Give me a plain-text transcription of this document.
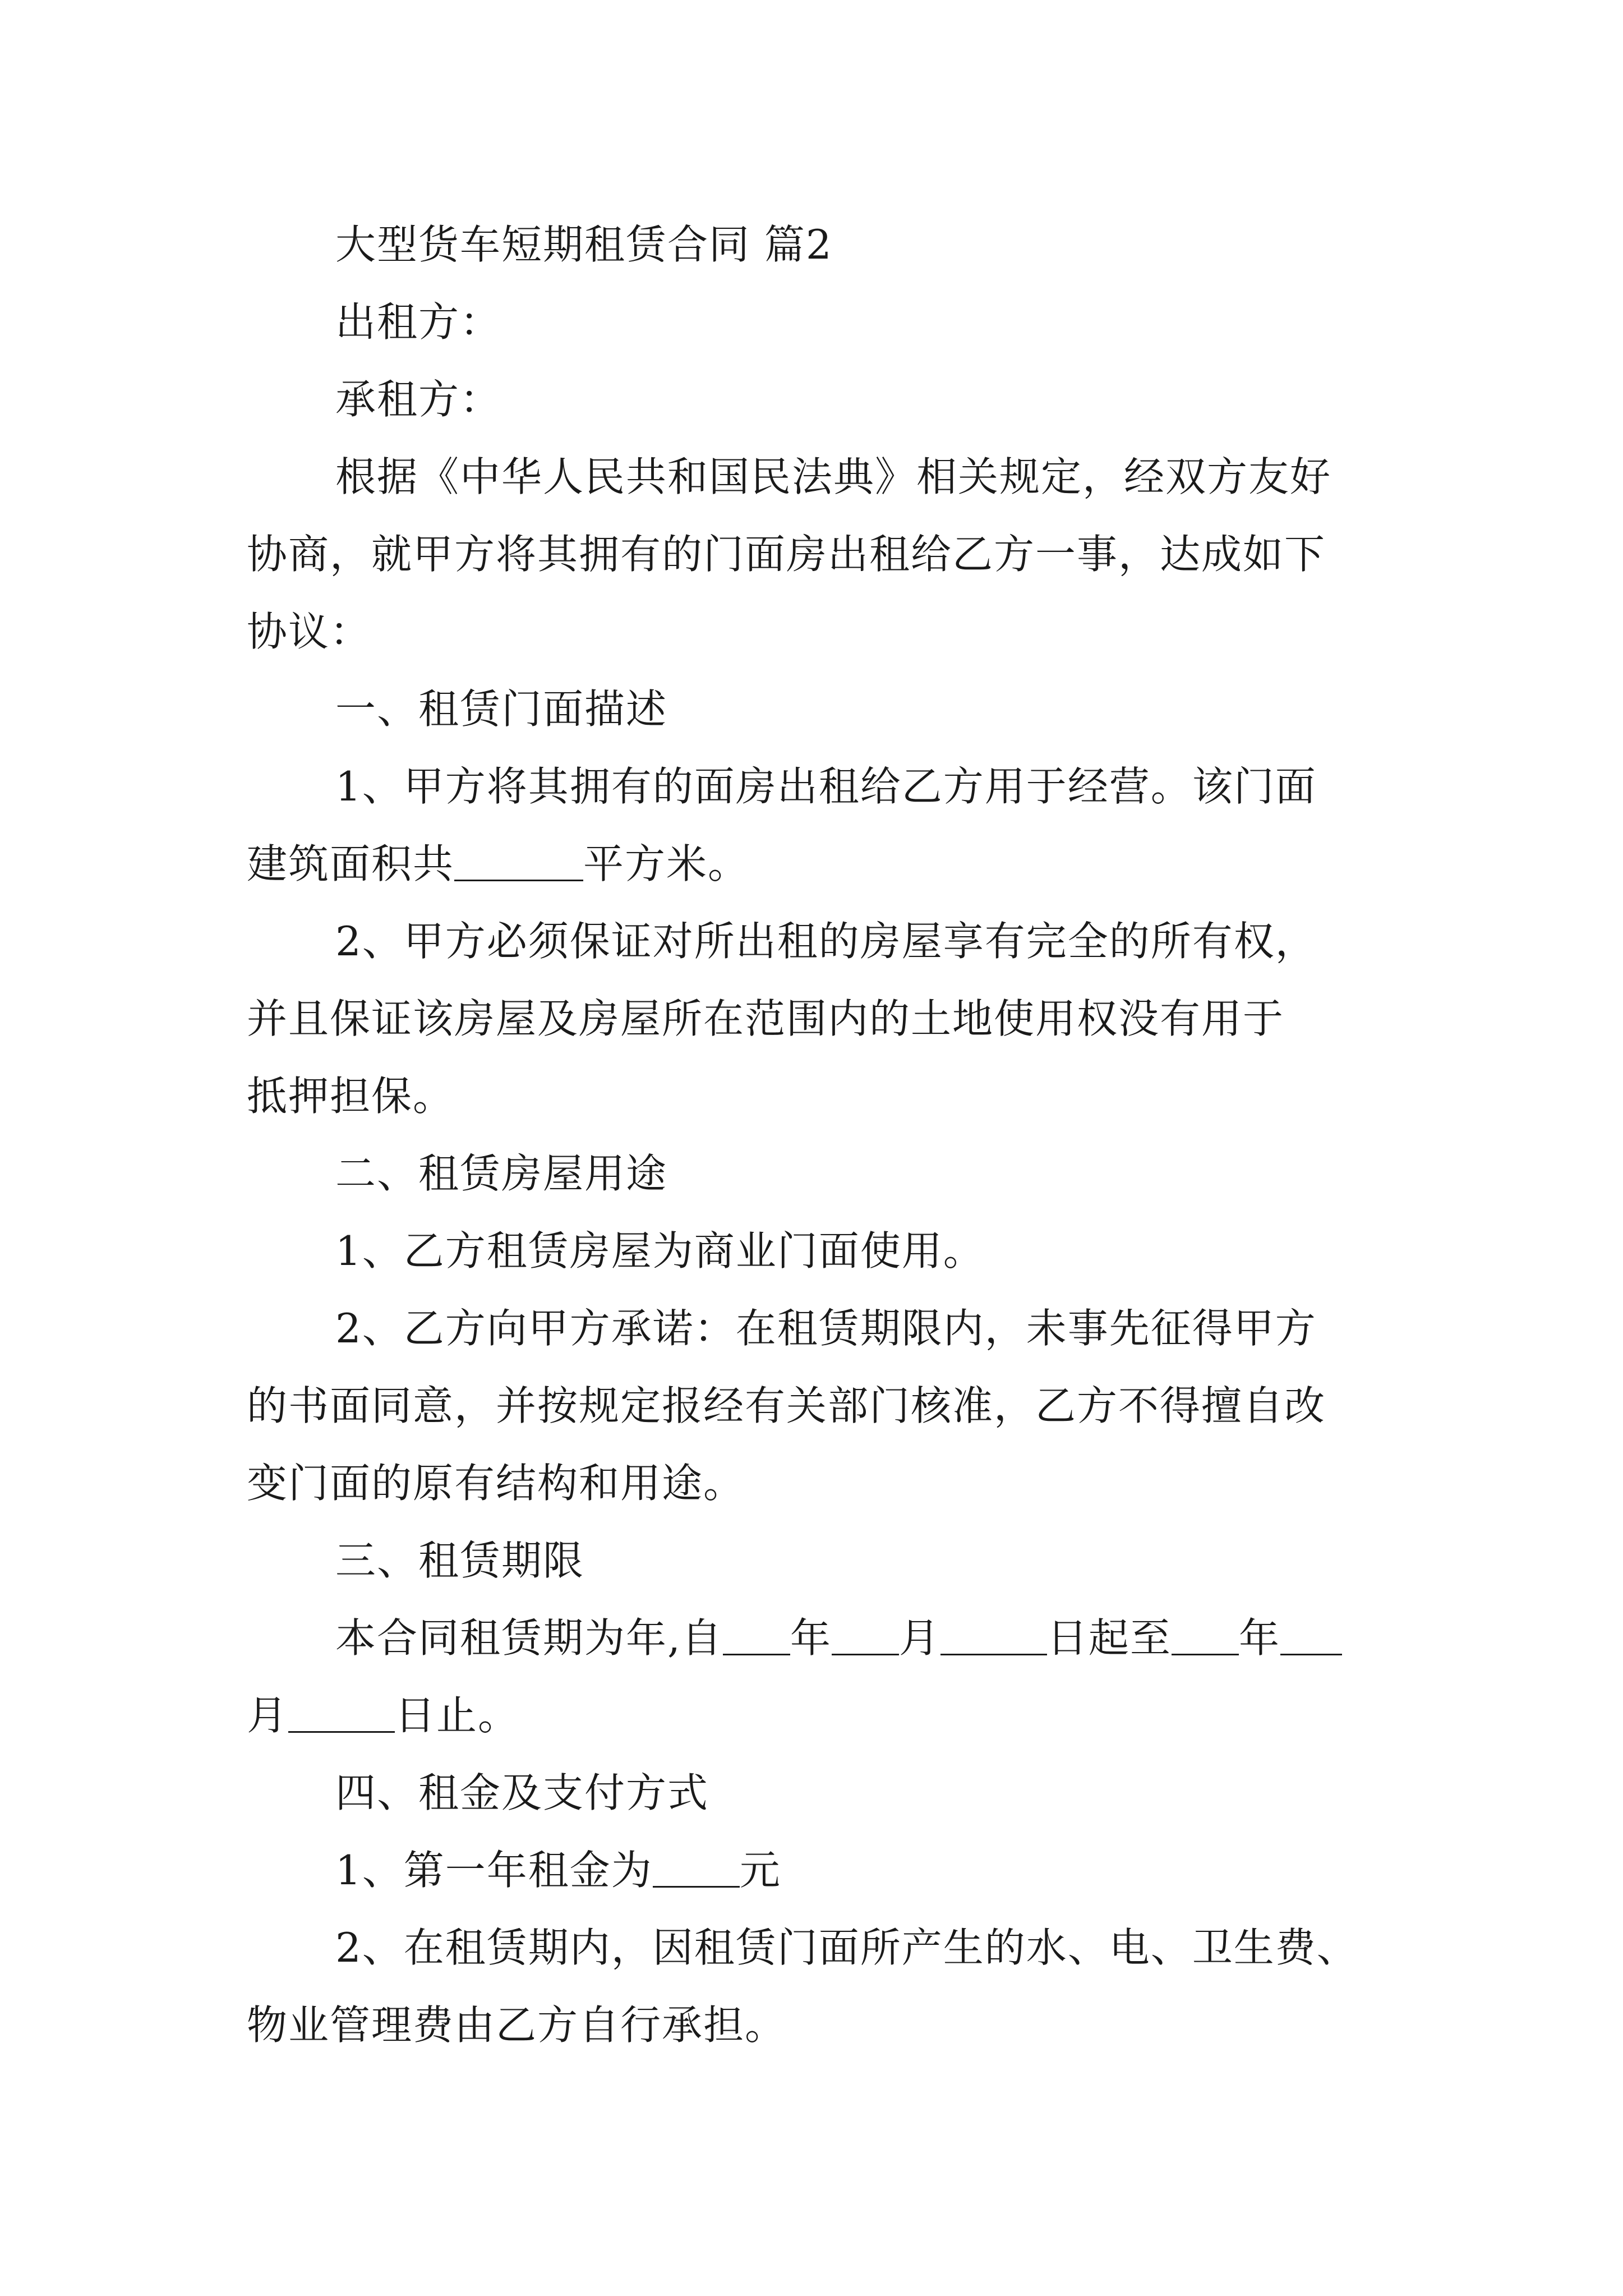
大型货车短期租赁合同 篇2

出租方：

承租方：

根据《中华人民共和国民法典》相关规定，经双方友好

协商，就甲方将其拥有的门面房出租给乙方一事，达成如下

协议：

一、租赁门面描述

1、甲方将其拥有的面房出租给乙方用于经营。该门面

建筑面积共	平方米。

2、甲方必须保证对所出租的房屋享有完全的所有权，

并且保证该房屋及房屋所在范围内的土地使用权没有用于

抵押担保。

二、租赁房屋用途

1、乙方租赁房屋为商业门面使用。

2、乙方向甲方承诺：在租赁期限内，未事先征得甲方

的书面同意，并按规定报经有关部门核准，乙方不得擅自改

变门面的原有结构和用途。

三、租赁期限

本合同租赁期为年,自 年 月	日起至 年

月	日止。

四、租金及支付方式

1、第一年租金为 元

2、在租赁期内，因租赁门面所产生的水、电、卫生费、

物业管理费由乙方自行承担。
